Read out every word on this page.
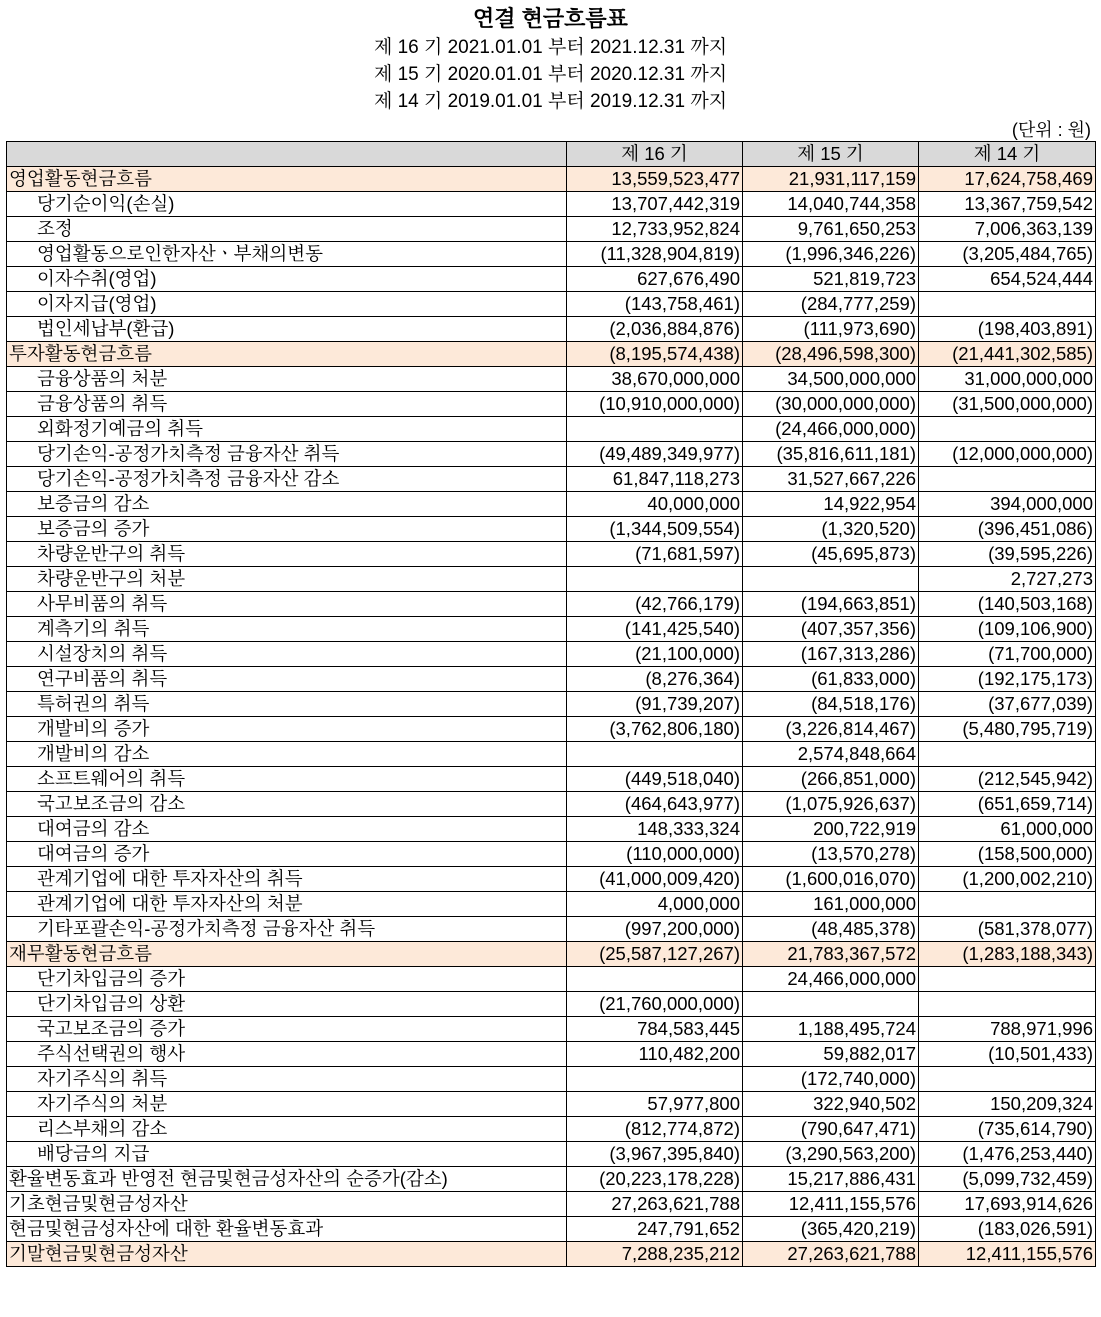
연결 현금흐름표
제 16 기 2021.01.01 부터 2021.12.31 까지
제 15 기 2020.01.01 부터 2020.12.31 까지
제 14 기 2019.01.01 부터 2019.12.31 까지
(단위 : 원)
	제 16 기	제 15 기	제 14 기
영업활동현금흐름	13,559,523,477	21,931,117,159	17,624,758,469
당기순이익(손실)	13,707,442,319	14,040,744,358	13,367,759,542
조정	12,733,952,824	9,761,650,253	7,006,363,139
영업활동으로인한자산ㆍ부채의변동	(11,328,904,819)	(1,996,346,226)	(3,205,484,765)
이자수취(영업)	627,676,490	521,819,723	654,524,444
이자지급(영업)	(143,758,461)	(284,777,259)	
법인세납부(환급)	(2,036,884,876)	(111,973,690)	(198,403,891)
투자활동현금흐름	(8,195,574,438)	(28,496,598,300)	(21,441,302,585)
금융상품의 처분	38,670,000,000	34,500,000,000	31,000,000,000
금융상품의 취득	(10,910,000,000)	(30,000,000,000)	(31,500,000,000)
외화정기예금의 취득		(24,466,000,000)	
당기손익-공정가치측정 금융자산 취득	(49,489,349,977)	(35,816,611,181)	(12,000,000,000)
당기손익-공정가치측정 금융자산 감소	61,847,118,273	31,527,667,226	
보증금의 감소	40,000,000	14,922,954	394,000,000
보증금의 증가	(1,344,509,554)	(1,320,520)	(396,451,086)
차량운반구의 취득	(71,681,597)	(45,695,873)	(39,595,226)
차량운반구의 처분			2,727,273
사무비품의 취득	(42,766,179)	(194,663,851)	(140,503,168)
계측기의 취득	(141,425,540)	(407,357,356)	(109,106,900)
시설장치의 취득	(21,100,000)	(167,313,286)	(71,700,000)
연구비품의 취득	(8,276,364)	(61,833,000)	(192,175,173)
특허권의 취득	(91,739,207)	(84,518,176)	(37,677,039)
개발비의 증가	(3,762,806,180)	(3,226,814,467)	(5,480,795,719)
개발비의 감소		2,574,848,664	
소프트웨어의 취득	(449,518,040)	(266,851,000)	(212,545,942)
국고보조금의 감소	(464,643,977)	(1,075,926,637)	(651,659,714)
대여금의 감소	148,333,324	200,722,919	61,000,000
대여금의 증가	(110,000,000)	(13,570,278)	(158,500,000)
관계기업에 대한 투자자산의 취득	(41,000,009,420)	(1,600,016,070)	(1,200,002,210)
관계기업에 대한 투자자산의 처분	4,000,000	161,000,000	
기타포괄손익-공정가치측정 금융자산 취득	(997,200,000)	(48,485,378)	(581,378,077)
재무활동현금흐름	(25,587,127,267)	21,783,367,572	(1,283,188,343)
단기차입금의 증가		24,466,000,000	
단기차입금의 상환	(21,760,000,000)		
국고보조금의 증가	784,583,445	1,188,495,724	788,971,996
주식선택권의 행사	110,482,200	59,882,017	(10,501,433)
자기주식의 취득		(172,740,000)	
자기주식의 처분	57,977,800	322,940,502	150,209,324
리스부채의 감소	(812,774,872)	(790,647,471)	(735,614,790)
배당금의 지급	(3,967,395,840)	(3,290,563,200)	(1,476,253,440)
환율변동효과 반영전 현금및현금성자산의 순증가(감소)	(20,223,178,228)	15,217,886,431	(5,099,732,459)
기초현금및현금성자산	27,263,621,788	12,411,155,576	17,693,914,626
현금및현금성자산에 대한 환율변동효과	247,791,652	(365,420,219)	(183,026,591)
기말현금및현금성자산	7,288,235,212	27,263,621,788	12,411,155,576
